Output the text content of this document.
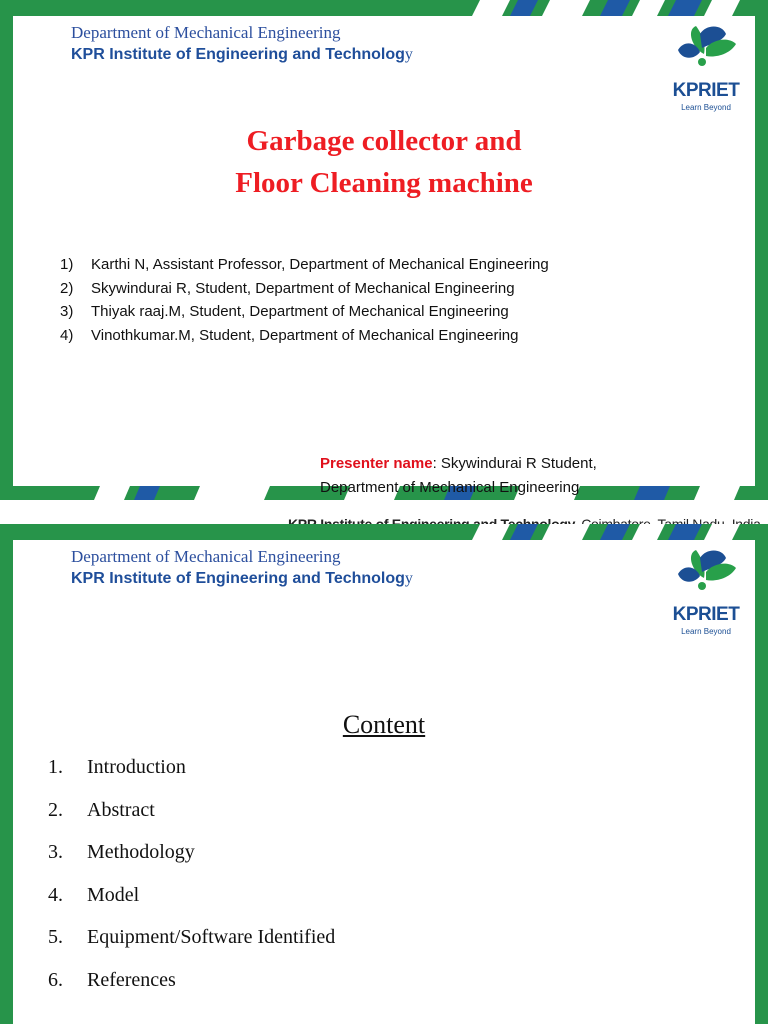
Department of Mechanical Engineering
KPR Institute of Engineering and Technology
KPRIET
Learn Beyond
Garbage collector and
Floor Cleaning machine
1) Karthi N, Assistant Professor, Department of Mechanical Engineering
2) Skywindurai R, Student, Department of Mechanical Engineering
3) Thiyak raaj.M, Student, Department of Mechanical Engineering
4) Vinothkumar.M, Student, Department of Mechanical Engineering
Presenter name: Skywindurai R Student,
Department of Mechanical Engineering
Department of Mechanical Engineering
KPR Institute of Engineering and Technology
KPRIET
Learn Beyond
Content
1. Introduction
2. Abstract
3. Methodology
4. Model
5. Equipment/Software Identified
6. References
